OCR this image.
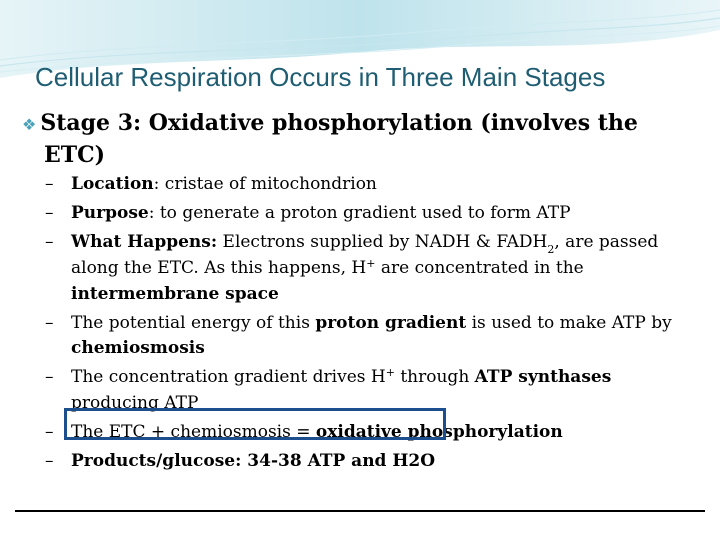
Cellular Respiration Occurs in Three Main Stages
❖ Stage 3: Oxidative phosphorylation (involves the
ETC)
– Location: cristae of mitochondrion
– Purpose: to generate a proton gradient used to form ATP
– What Happens: Electrons supplied by NADH & $FADH_2$, are passed along the ETC. As this happens, H+ are concentrated in the intermembrane space
– The potential energy of this proton gradient is used to make ATP by chemiosmosis
– The concentration gradient drives H+ through ATP synthases producing ATP
– The ETC + chemiosmosis = oxidative phosphorylation
– Products/glucose: 34-38 ATP and H2O
